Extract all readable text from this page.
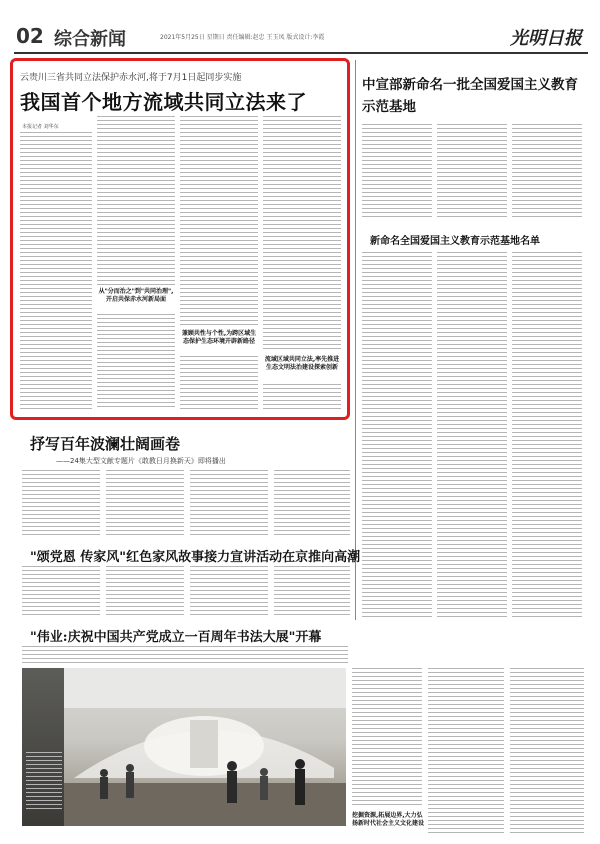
02 综合新闻	2021年5月25日 星期日 责任编辑:赵忠 王玉凤 版式设计:李霞	光明日报
云贵川三省共同立法保护赤水河,将于7月1日起同步实施
我国首个地方流域共同立法来了
本报记者 刘华东
从"分而治之"到"共同治理",开启共保赤水河新局面
兼顾共性与个性,为跨区域生态保护生态环境开辟新路径
流域区域共同立法,率先推进生态文明法治建设探索创新
中宣部新命名一批全国爱国主义教育示范基地
新命名全国爱国主义教育示范基地名单
抒写百年波澜壮阔画卷
——24集大型文献专题片《敢教日月换新天》即将播出
"颂党恩 传家风"红色家风故事接力宣讲活动在京推向高潮
"伟业:庆祝中国共产党成立一百周年书法大展"开幕
挖掘资源,拓展边界,大力弘扬新时代社会主义文化建设
